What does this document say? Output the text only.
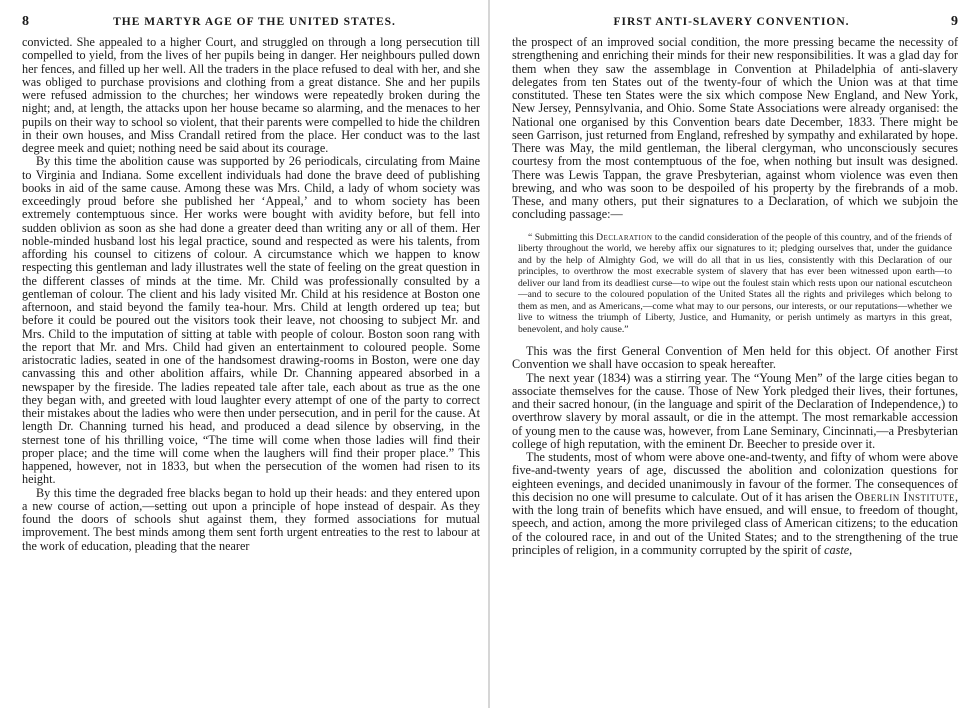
8	THE MARTYR AGE OF THE UNITED STATES.

convicted. She appealed to a higher Court, and struggled on through a long persecution till compelled to yield, from the lives of her pupils being in danger. Her neighbours pulled down her fences, and filled up her well. All the traders in the place refused to deal with her, and she was obliged to purchase provisions and clothing from a great distance. She and her pupils were refused admission to the churches; her windows were repeatedly broken during the night; and, at length, the attacks upon her house became so alarming, and the menaces to her pupils on their way to school so violent, that their parents were compelled to hide the children in their own houses, and Miss Crandall retired from the place. Her conduct was to the last degree meek and quiet; nothing need be said about its courage.

By this time the abolition cause was supported by 26 periodicals, circulating from Maine to Virginia and Indiana. Some excellent individuals had done the brave deed of publishing books in aid of the same cause. Among these was Mrs. Child, a lady of whom society was exceedingly proud before she published her ‘Appeal,’ and to whom society has been extremely contemptuous since. Her works were bought with avidity before, but fell into sudden oblivion as soon as she had done a greater deed than writing any or all of them. Her noble-minded husband lost his legal practice, sound and respected as were his talents, from affording his counsel to citizens of colour. A circumstance which we happen to know respecting this gentleman and lady illustrates well the state of feeling on the great question in the different classes of minds at the time. Mr. Child was professionally consulted by a gentleman of colour. The client and his lady visited Mr. Child at his residence at Boston one afternoon, and staid beyond the family tea-hour. Mrs. Child at length ordered up tea; but before it could be poured out the visitors took their leave, not choosing to subject Mr. and Mrs. Child to the imputation of sitting at table with people of colour. Boston soon rang with the report that Mr. and Mrs. Child had given an entertainment to coloured people. Some aristocratic ladies, seated in one of the handsomest drawing-rooms in Boston, were one day canvassing this and other abolition affairs, while Dr. Channing appeared absorbed in a newspaper by the fireside. The ladies repeated tale after tale, each about as true as the one they began with, and greeted with loud laughter every attempt of one of the party to correct their mistakes about the ladies who were then under persecution, and in peril for the cause. At length Dr. Channing turned his head, and produced a dead silence by observing, in the sternest tone of his thrilling voice, “The time will come when those ladies will find their proper place; and the time will come when the laughers will find their proper place.” This happened, however, not in 1833, but when the persecution of the women had risen to its height.

By this time the degraded free blacks began to hold up their heads: and they entered upon a new course of action,—setting out upon a principle of hope instead of despair. As they found the doors of schools shut against them, they formed associations for mutual improvement. The best minds among them sent forth urgent entreaties to the rest to labour at the work of education, pleading that the nearer

FIRST ANTI-SLAVERY CONVENTION.	9

the prospect of an improved social condition, the more pressing became the necessity of strengthening and enriching their minds for their new responsibilities. It was a glad day for them when they saw the assemblage in Convention at Philadelphia of anti-slavery delegates from ten States out of the twenty-four of which the Union was at that time constituted. These ten States were the six which compose New England, and New York, New Jersey, Pennsylvania, and Ohio. Some State Associations were already organised: the National one organised by this Convention bears date December, 1833. There might be seen Garrison, just returned from England, refreshed by sympathy and exhilarated by hope. There was May, the mild gentleman, the liberal clergyman, who unconsciously secures courtesy from the most contemptuous of the foe, when nothing but insult was designed. There was Lewis Tappan, the grave Presbyterian, against whom violence was even then brewing, and who was soon to be despoiled of his property by the firebrands of a mob. These, and many others, put their signatures to a Declaration, of which we subjoin the concluding passage:—

“ Submitting this Declaration to the candid consideration of the people of this country, and of the friends of liberty throughout the world, we hereby affix our signatures to it; pledging ourselves that, under the guidance and by the help of Almighty God, we will do all that in us lies, consistently with this Declaration of our principles, to overthrow the most execrable system of slavery that has ever been witnessed upon earth—to deliver our land from its deadliest curse—to wipe out the foulest stain which rests upon our national escutcheon—and to secure to the coloured population of the United States all the rights and privileges which belong to them as men, and as Americans,—come what may to our persons, our interests, or our reputations—whether we live to witness the triumph of Liberty, Justice, and Humanity, or perish untimely as martyrs in this great, benevolent, and holy cause.”

This was the first General Convention of Men held for this object. Of another First Convention we shall have occasion to speak hereafter.

The next year (1834) was a stirring year. The “Young Men” of the large cities began to associate themselves for the cause. Those of New York pledged their lives, their fortunes, and their sacred honour, (in the language and spirit of the Declaration of Independence,) to overthrow slavery by moral assault, or die in the attempt. The most remarkable accession of young men to the cause was, however, from Lane Seminary, Cincinnati,—a Presbyterian college of high reputation, with the eminent Dr. Beecher to preside over it.

The students, most of whom were above one-and-twenty, and fifty of whom were above five-and-twenty years of age, discussed the abolition and colonization questions for eighteen evenings, and decided unanimously in favour of the former. The consequences of this decision no one will presume to calculate. Out of it has arisen the Oberlin Institute, with the long train of benefits which have ensued, and will ensue, to freedom of thought, speech, and action, among the more privileged class of American citizens; to the education of the coloured race, in and out of the United States; and to the strengthening of the true principles of religion, in a community corrupted by the spirit of caste,
